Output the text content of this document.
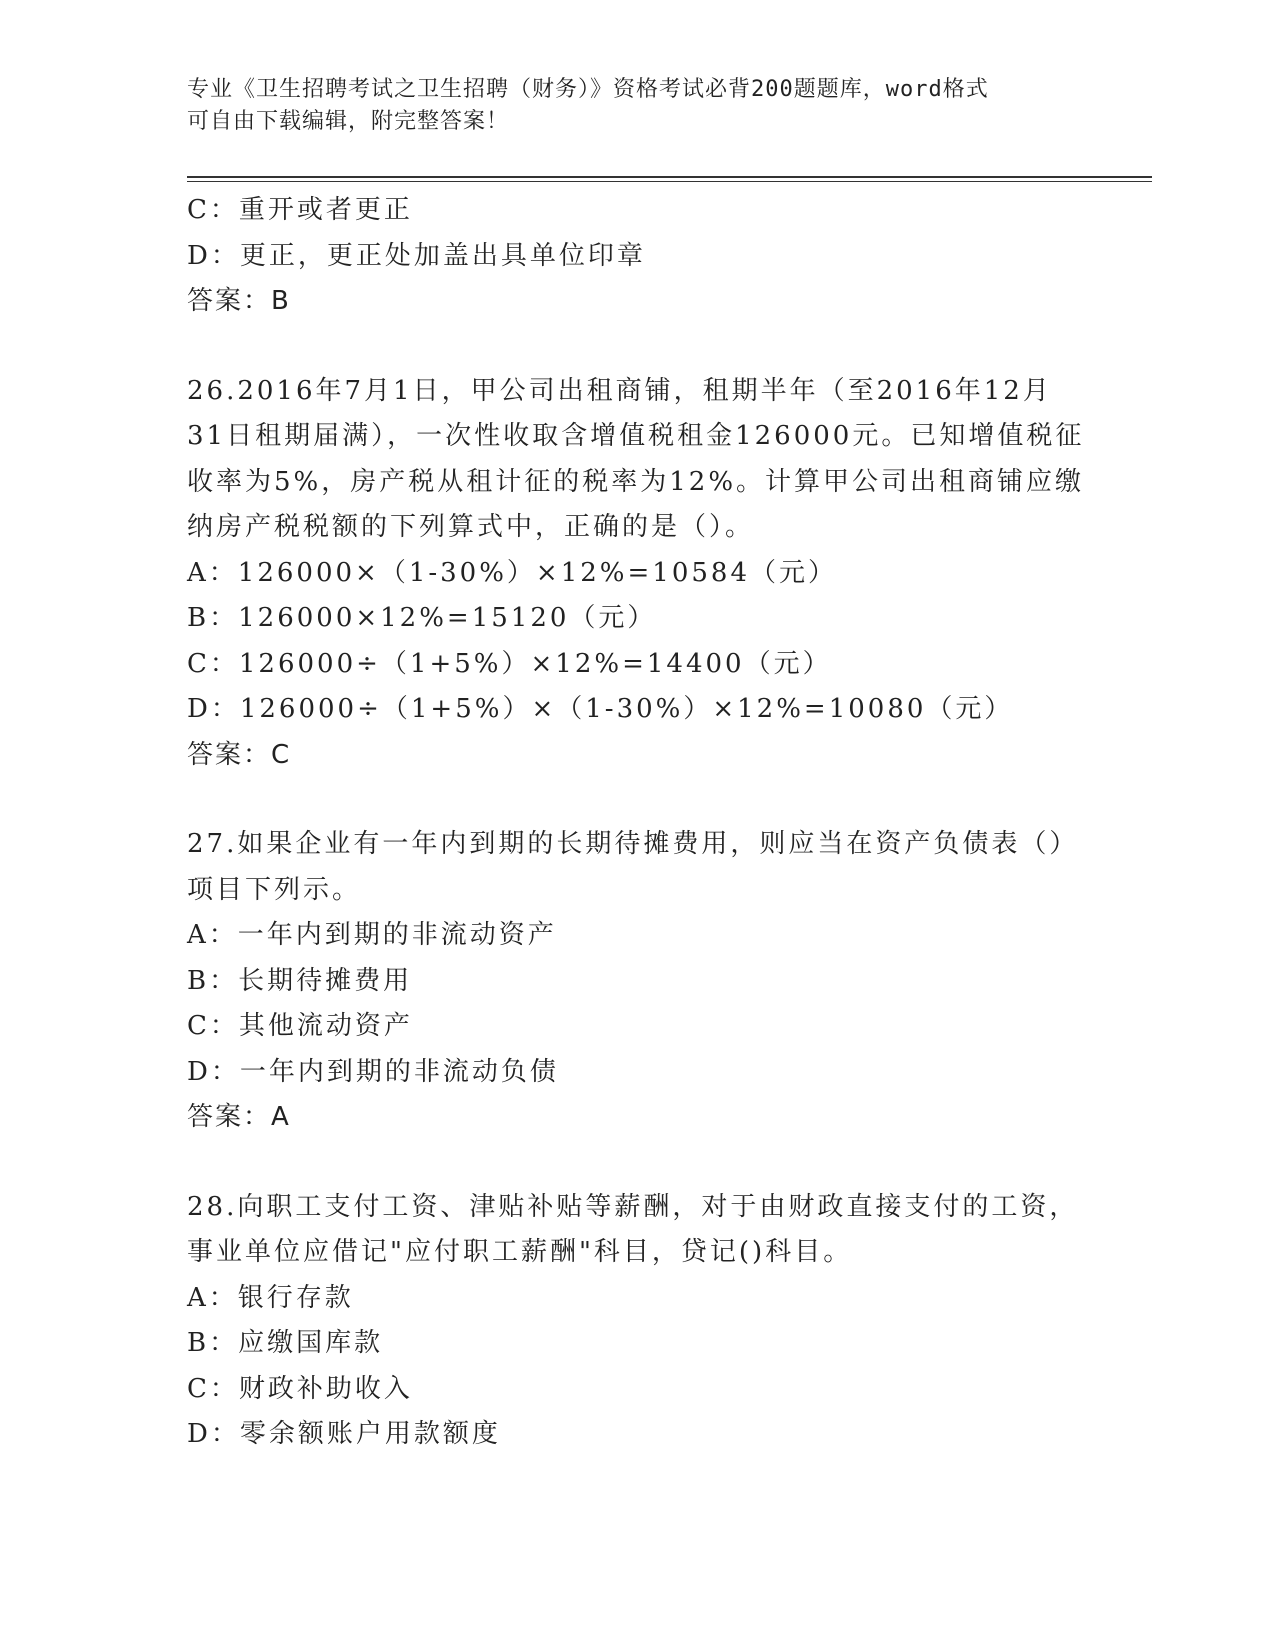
专业《卫生招聘考试之卫生招聘（财务）》资格考试必背200题题库，word格式
可自由下载编辑，附完整答案！
C：重开或者更正
D：更正，更正处加盖出具单位印章
答案：B
26.2016年7月1日，甲公司出租商铺，租期半年（至2016年12月
31日租期届满），一次性收取含增值税租金126000元。已知增值税征
收率为5%，房产税从租计征的税率为12%。计算甲公司出租商铺应缴
纳房产税税额的下列算式中，正确的是（）。
A：126000×（1-30%）×12%=10584（元）
B：126000×12%=15120（元）
C：126000÷（1+5%）×12%=14400（元）
D：126000÷（1+5%）×（1-30%）×12%=10080（元）
答案：C
27.如果企业有一年内到期的长期待摊费用，则应当在资产负债表（）
项目下列示。
A：一年内到期的非流动资产
B：长期待摊费用
C：其他流动资产
D：一年内到期的非流动负债
答案：A
28.向职工支付工资、津贴补贴等薪酬，对于由财政直接支付的工资，
事业单位应借记"应付职工薪酬"科目，贷记()科目。
A：银行存款
B：应缴国库款
C：财政补助收入
D：零余额账户用款额度
